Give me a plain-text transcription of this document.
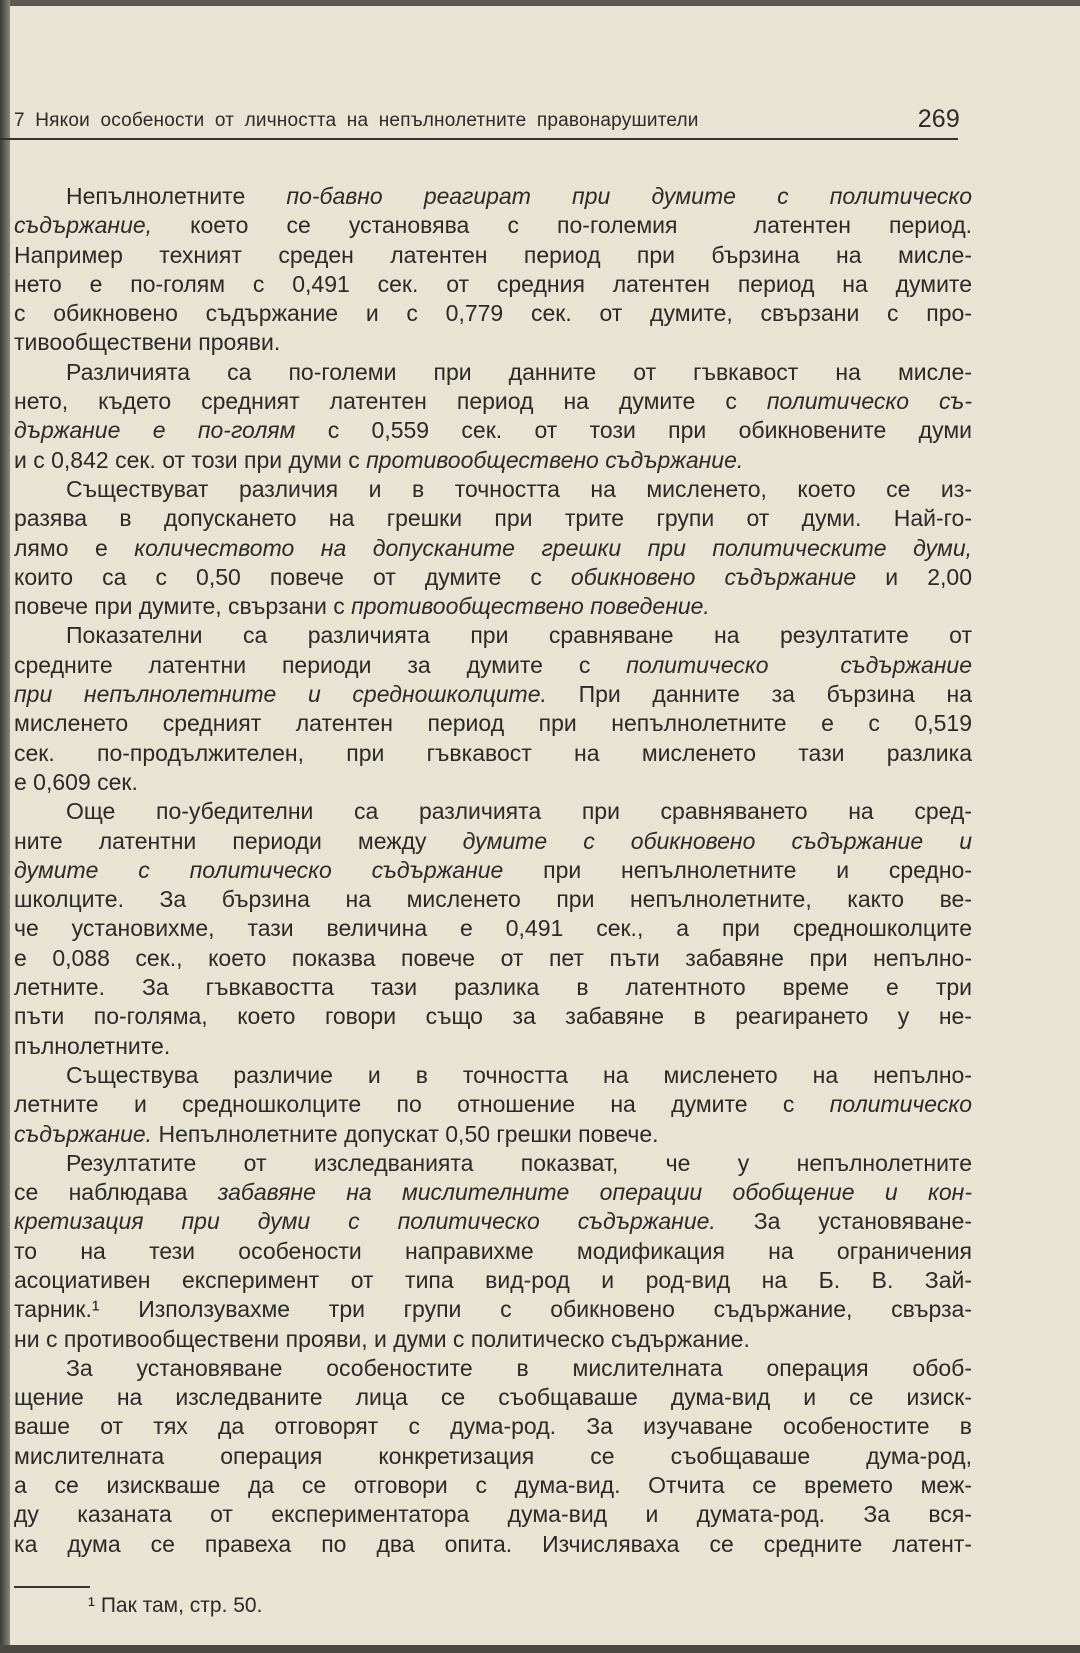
7 Някои особености от личността на непълнолетните правонарушители	269
Непълнолетните по-бавно реагират при думите с политическо
съдържание, което се установява с по-големия  латентен период.
Например техният среден латентен период при бързина на мисле-
нето е по-голям с 0,491 сек. от средния латентен период на думите
с обикновено съдържание и с 0,779 сек. от думите, свързани с про-
тивообществени прояви.
Различията са по-големи при данните от гъвкавост на мисле-
нето, където средният латентен период на думите с политическо съ-
държание е по-голям с 0,559 сек. от този при обикновените думи
и с 0,842 сек. от този при думи с противообществено съдържание.
Съществуват различия и в точността на мисленето, което се из-
разява в допускането на грешки при трите групи от думи. Най-го-
лямо е количеството на допусканите грешки при политическите думи,
които са с 0,50 повече от думите с обикновено съдържание и 2,00
повече при думите, свързани с противообществено поведение.
Показателни са различията при сравняване на резултатите от
средните латентни периоди за думите с политическо  съдържание
при непълнолетните и средношколците. При данните за бързина на
мисленето средният латентен период при непълнолетните е с 0,519
сек. по-продължителен, при гъвкавост на мисленето тази разлика
е 0,609 сек.
Още по-убедителни са различията при сравняването на сред-
ните латентни периоди между думите с обикновено съдържание и
думите с политическо съдържание при непълнолетните и средно-
школците. За бързина на мисленето при непълнолетните, както ве-
че установихме, тази величина е 0,491 сек., а при средношколците
е 0,088 сек., което показва повече от пет пъти забавяне при непълно-
летните. За гъвкавостта тази разлика в латентното време е три
пъти по-голяма, което говори също за забавяне в реагирането у не-
пълнолетните.
Съществува различие и в точността на мисленето на непълно-
летните и средношколците по отношение на думите с политическо
съдържание. Непълнолетните допускат 0,50 грешки повече.
Резултатите от изследванията показват, че у непълнолетните
се наблюдава забавяне на мислителните операции обобщение и кон-
кретизация при думи с политическо съдържание. За установяване-
то на тези особености направихме модификация на ограничения
асоциативен експеримент от типа вид-род и род-вид на Б. В. Зай-
тарник.¹ Използувахме три групи с обикновено съдържание, свърза-
ни с противообществени прояви, и думи с политическо съдържание.
За установяване особеностите в мислителната операция обоб-
щение на изследваните лица се съобщаваше дума-вид и се изиск-
ваше от тях да отговорят с дума-род. За изучаване особеностите в
мислителната операция конкретизация се съобщаваше дума-род,
а се изискваше да се отговори с дума-вид. Отчита се времето меж-
ду казаната от експериментатора дума-вид и думата-род. За вся-
ка дума се правеха по два опита. Изчисляваха се средните латент-
¹ Пак там, стр. 50.
